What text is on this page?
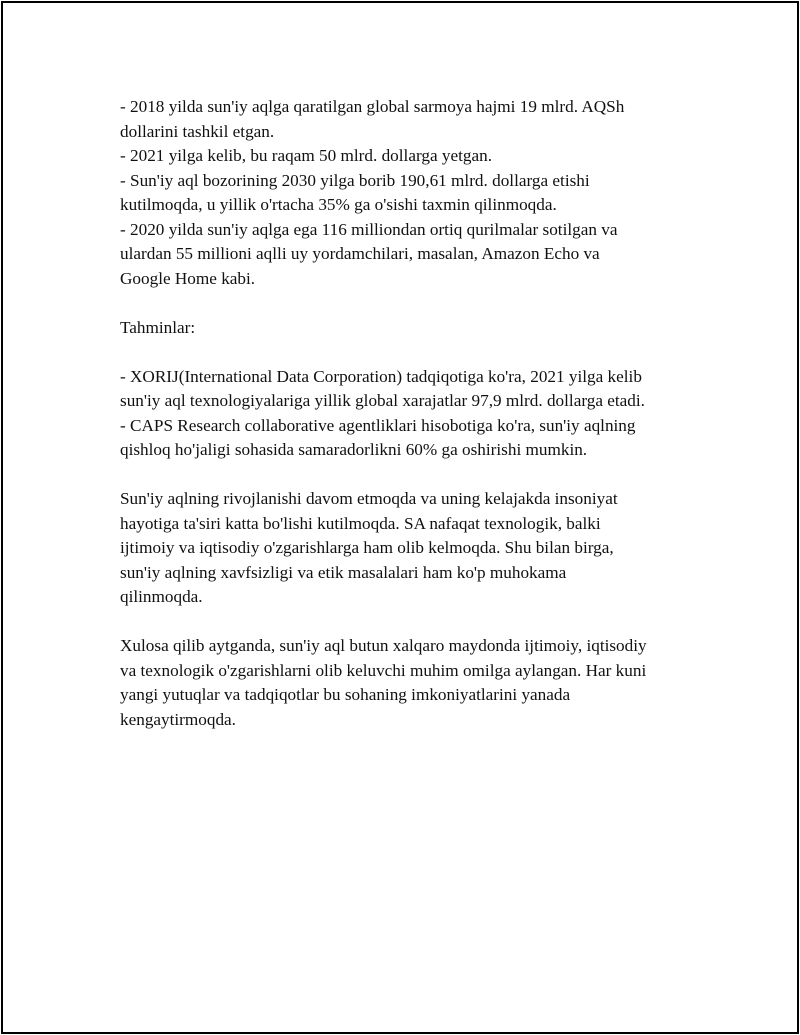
- 2018 yilda sun'iy aqlga qaratilgan global sarmoya hajmi 19 mlrd. AQSh
dollarini tashkil etgan.
- 2021 yilga kelib, bu raqam 50 mlrd. dollarga yetgan.
- Sun'iy aql bozorining 2030 yilga borib 190,61 mlrd. dollarga etishi
kutilmoqda, u yillik o'rtacha 35% ga o'sishi taxmin qilinmoqda.
- 2020 yilda sun'iy aqlga ega 116 milliondan ortiq qurilmalar sotilgan va
ulardan 55 millioni aqlli uy yordamchilari, masalan, Amazon Echo va
Google Home kabi.
Tahminlar:
- XORIJ(International Data Corporation) tadqiqotiga ko'ra, 2021 yilga kelib
sun'iy aql texnologiyalariga yillik global xarajatlar 97,9 mlrd. dollarga etadi.
- CAPS Research collaborative agentliklari hisobotiga ko'ra, sun'iy aqlning
qishloq ho'jaligi sohasida samaradorlikni 60% ga oshirishi mumkin.
Sun'iy aqlning rivojlanishi davom etmoqda va uning kelajakda insoniyat
hayotiga ta'siri katta bo'lishi kutilmoqda. SA nafaqat texnologik, balki
ijtimoiy va iqtisodiy o'zgarishlarga ham olib kelmoqda. Shu bilan birga,
sun'iy aqlning xavfsizligi va etik masalalari ham ko'p muhokama
qilinmoqda.
Xulosa qilib aytganda, sun'iy aql butun xalqaro maydonda ijtimoiy, iqtisodiy
va texnologik o'zgarishlarni olib keluvchi muhim omilga aylangan. Har kuni
yangi yutuqlar va tadqiqotlar bu sohaning imkoniyatlarini yanada
kengaytirmoqda.
